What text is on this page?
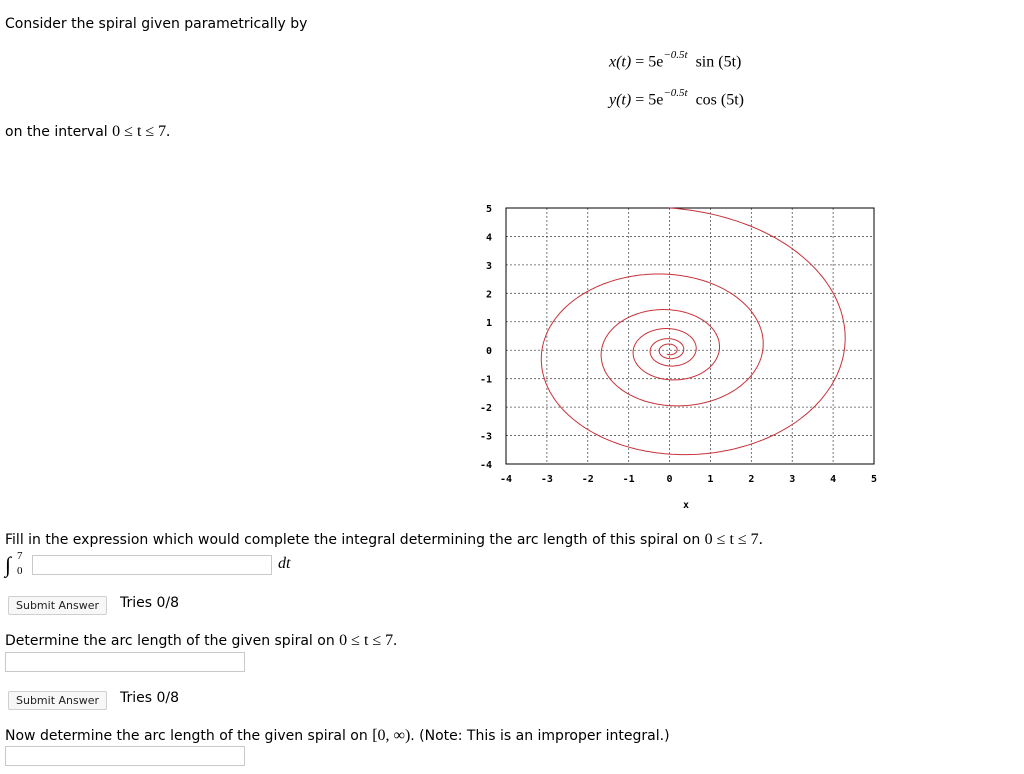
Consider the spiral given parametrically by
$x(t) = 5e^{-0.5t}$ sin (5t)
$y(t) = 5e^{-0.5t}$ cos (5t)
on the interval 0 ≤ t ≤ 7.
5
4
3
2
1
0
-1
-2
-3
-4
-4	-3	-2	-1	0	1	2	3	4	5
x
Fill in the expression which would complete the integral determining the arc length of this spiral on 0 ≤ t ≤ 7.
∫ 7
0	dt
Submit Answer	Tries 0/8
Determine the arc length of the given spiral on 0 ≤ t ≤ 7.
Submit Answer	Tries 0/8
Now determine the arc length of the given spiral on [0, ∞). (Note: This is an improper integral.)
